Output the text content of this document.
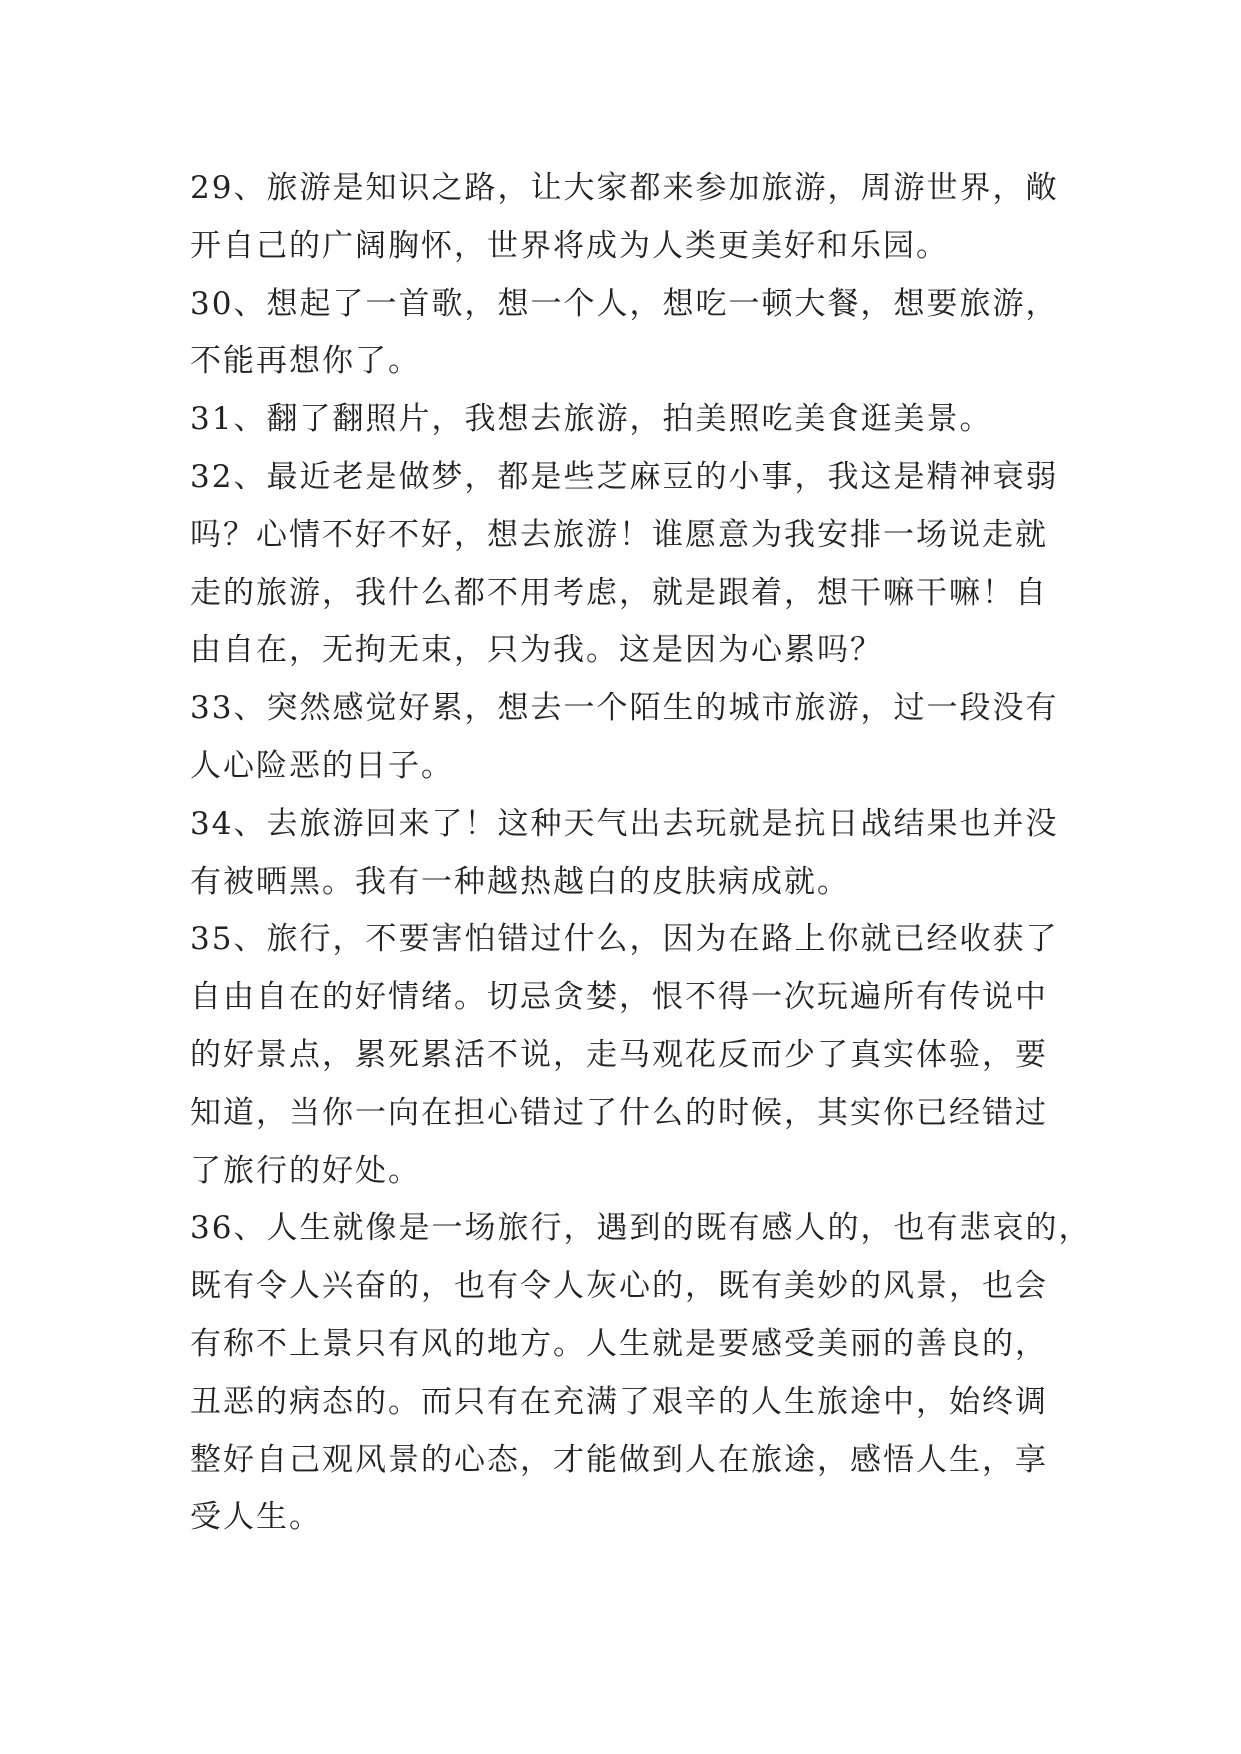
29、旅游是知识之路，让大家都来参加旅游，周游世界，敞
开自己的广阔胸怀，世界将成为人类更美好和乐园。
30、想起了一首歌，想一个人，想吃一顿大餐，想要旅游，
不能再想你了。
31、翻了翻照片，我想去旅游，拍美照吃美食逛美景。
32、最近老是做梦，都是些芝麻豆的小事，我这是精神衰弱
吗？心情不好不好，想去旅游！谁愿意为我安排一场说走就
走的旅游，我什么都不用考虑，就是跟着，想干嘛干嘛！自
由自在，无拘无束，只为我。这是因为心累吗？
33、突然感觉好累，想去一个陌生的城市旅游，过一段没有
人心险恶的日子。
34、去旅游回来了！这种天气出去玩就是抗日战结果也并没
有被晒黑。我有一种越热越白的皮肤病成就。
35、旅行，不要害怕错过什么，因为在路上你就已经收获了
自由自在的好情绪。切忌贪婪，恨不得一次玩遍所有传说中
的好景点，累死累活不说，走马观花反而少了真实体验，要
知道，当你一向在担心错过了什么的时候，其实你已经错过
了旅行的好处。
36、人生就像是一场旅行，遇到的既有感人的，也有悲哀的，
既有令人兴奋的，也有令人灰心的，既有美妙的风景，也会
有称不上景只有风的地方。人生就是要感受美丽的善良的，
丑恶的病态的。而只有在充满了艰辛的人生旅途中，始终调
整好自己观风景的心态，才能做到人在旅途，感悟人生，享
受人生。
